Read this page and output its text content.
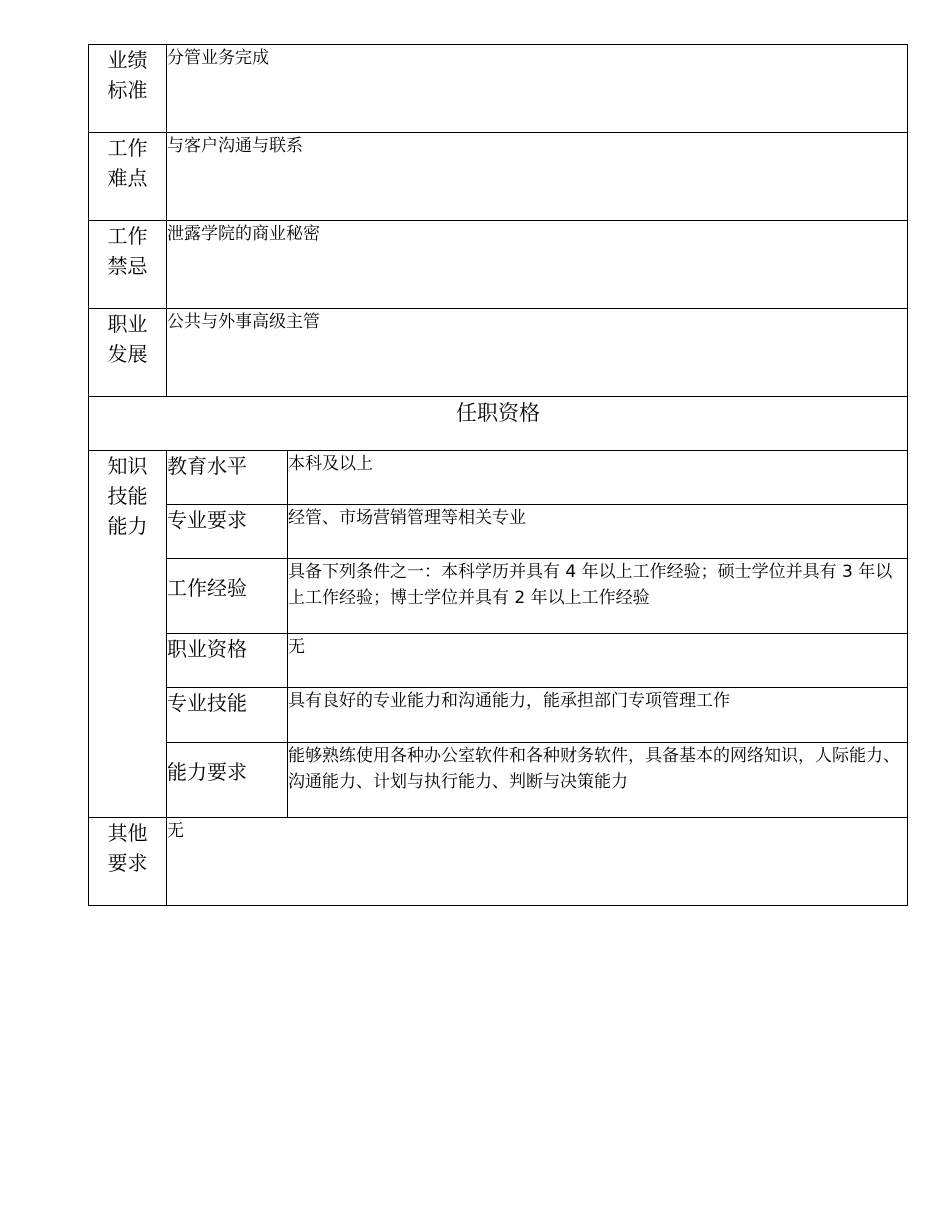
业绩标准	分管业务完成	

工作难点	与客户沟通与联系	

工作禁忌	泄露学院的商业秘密	

职业发展	公共与外事高级主管	

任职资格		
知识技能能力	教育水平	本科及以上
	专业要求	经管、市场营销管理等相关专业
	工作经验	具备下列条件之一：本科学历并具有 4 年以上工作经验；硕士学位并具有 3 年以上工作经验；博士学位并具有 2 年以上工作经验
	职业资格	无
	专业技能	具有良好的专业能力和沟通能力，能承担部门专项管理工作
	能力要求	能够熟练使用各种办公室软件和各种财务软件，具备基本的网络知识，人际能力、沟通能力、计划与执行能力、判断与决策能力
其他要求	无	
